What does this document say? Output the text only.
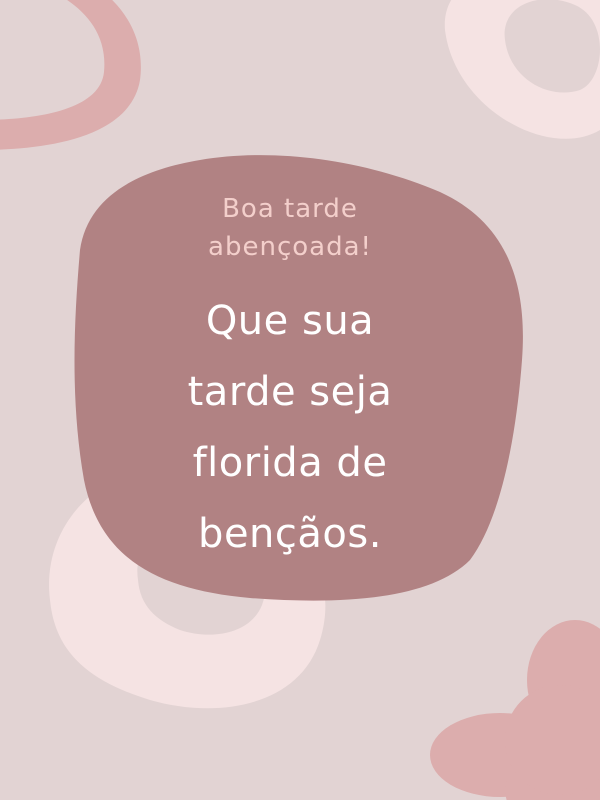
Boa tarde
abençoada!

Que sua
tarde seja
florida de
bençãos.
